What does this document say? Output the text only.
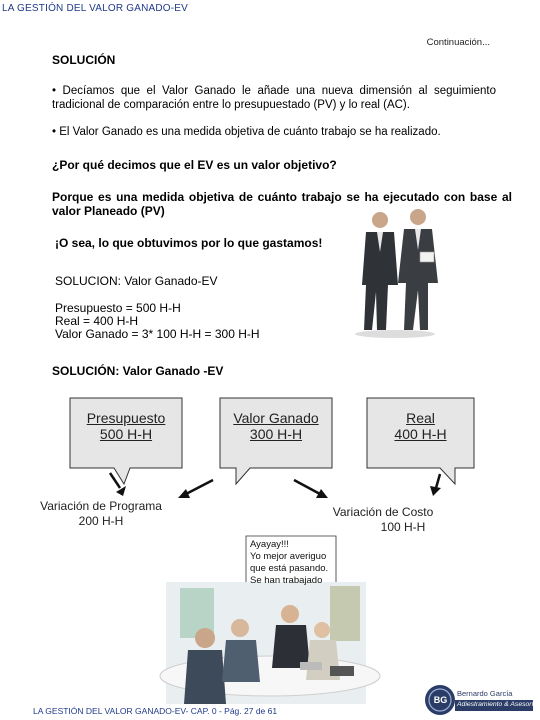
LA GESTIÓN DEL VALOR GANADO-EV
Continuación...
SOLUCIÓN
• Decíamos que el Valor Ganado le añade una nueva dimensión al seguimiento tradicional de comparación entre lo presupuestado (PV) y lo real (AC).
• El Valor Ganado es una medida objetiva de cuánto trabajo se ha realizado.
¿Por qué decimos que el EV es un valor objetivo?
Porque es una medida objetiva de cuánto trabajo se ha ejecutado con base al valor Planeado (PV)
¡O sea, lo que obtuvimos por lo que gastamos!
SOLUCION: Valor Ganado-EV
Presupuesto = 500 H-H
Real = 400 H-H
Valor Ganado = 3* 100 H-H = 300 H-H
SOLUCIÓN: Valor Ganado -EV
Presupuesto
500 H-H
Valor Ganado
300 H-H
Real
400 H-H
Variación de Programa
200 H-H
Variación de Costo
100 H-H
Ayayay!!!
Yo mejor averiguo
que está pasando.
Se han trabajado
LA GESTIÓN DEL VALOR GANADO-EV- CAP. 0 - Pág. 27 de 61
BG
Bernardo García
Adiestramiento & Asesoría
